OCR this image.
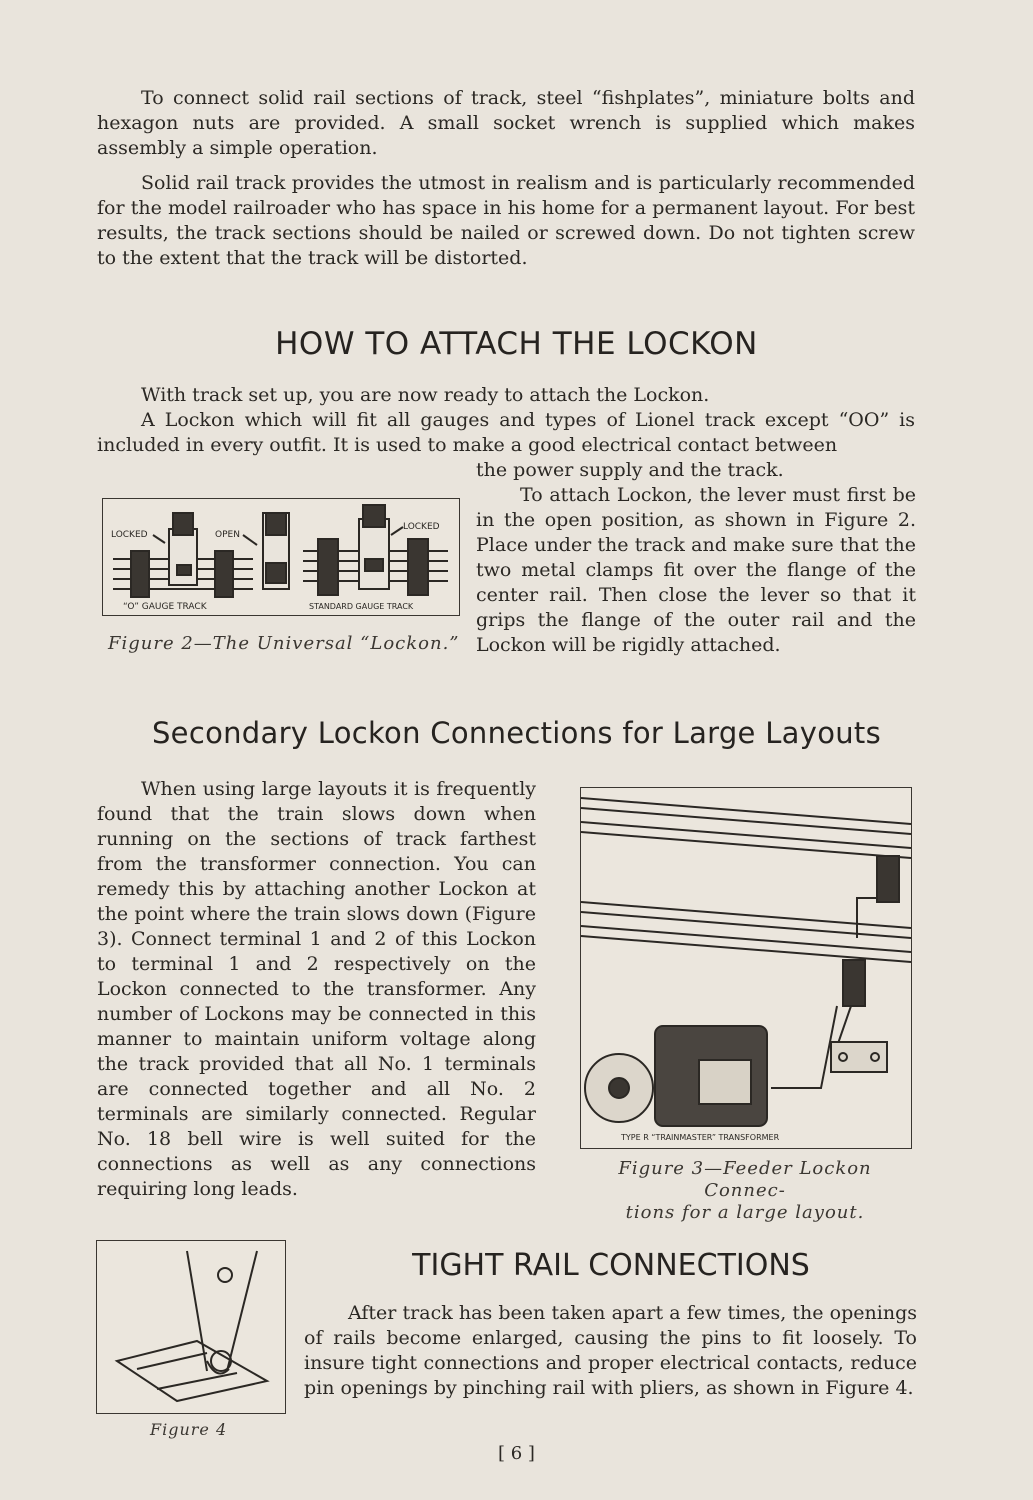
To connect solid rail sections of track, steel “fishplates”, miniature bolts and hexagon nuts are provided. A small socket wrench is supplied which makes assembly a simple operation.

Solid rail track provides the utmost in realism and is particularly recommended for the model railroader who has space in his home for a permanent layout. For best results, the track sections should be nailed or screwed down. Do not tighten screw to the extent that the track will be distorted.

HOW TO ATTACH THE LOCKON

With track set up, you are now ready to attach the Lockon.

A Lockon which will fit all gauges and types of Lionel track except “OO” is included in every outfit. It is used to make a good electrical contact between

the power supply and the track.

To attach Lockon, the lever must first be in the open position, as shown in Figure 2. Place under the track and make sure that the two metal clamps fit over the flange of the center rail. Then close the lever so that it grips the flange of the outer rail and the Lockon will be rigidly attached.

LOCKED	OPEN
LOCKED
“O” GAUGE TRACK	STANDARD GAUGE TRACK
Figure 2—The Universal “Lockon.”
Secondary Lockon Connections for Large Layouts

When using large layouts it is frequently found that the train slows down when running on the sections of track farthest from the transformer connection. You can remedy this by attaching another Lockon at the point where the train slows down (Figure 3). Connect terminal 1 and 2 of this Lockon to terminal 1 and 2 respectively on the Lockon connected to the transformer. Any number of Lockons may be connected in this manner to maintain uniform voltage along the track provided that all No. 1 terminals are connected together and all No. 2 terminals are similarly connected. Regular No. 18 bell wire is well suited for the connections as well as any connections requiring long leads.

TYPE R “TRAINMASTER” TRANSFORMER
Figure 3—Feeder Lockon Connec-
tions for a large layout.
Figure 4
TIGHT RAIL CONNECTIONS

After track has been taken apart a few times, the openings of rails become enlarged, causing the pins to fit loosely. To insure tight connections and proper electrical contacts, reduce pin openings by pinching rail with pliers, as shown in Figure 4.

[ 6 ]
